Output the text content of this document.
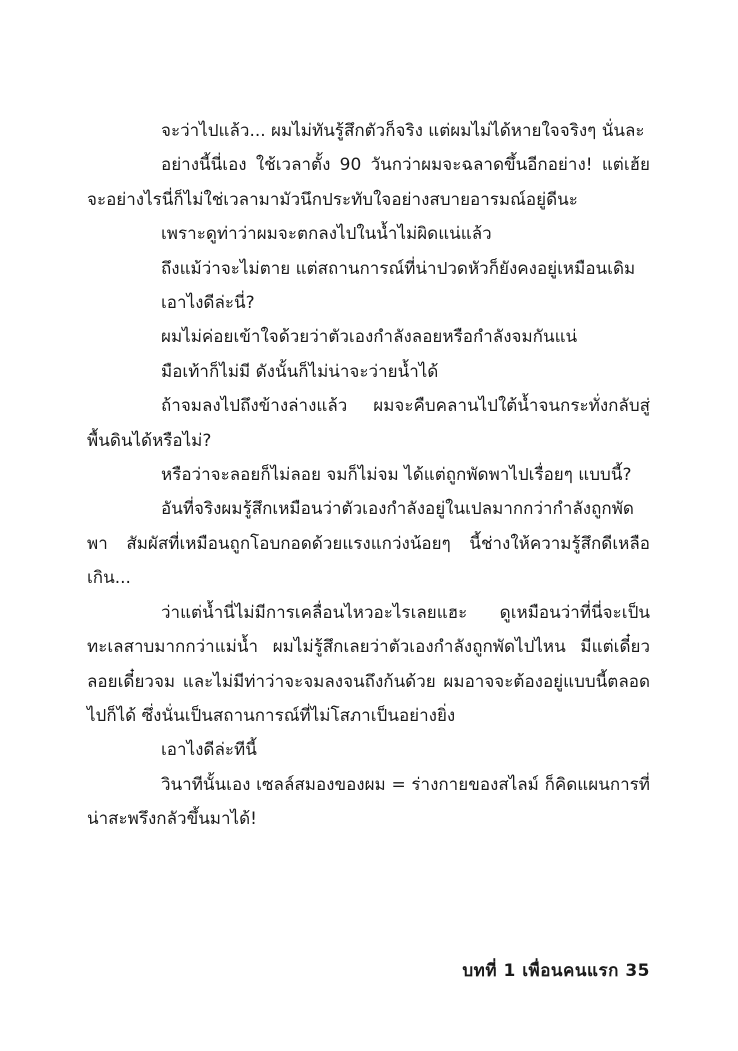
จะว่าไปแล้ว... ผมไม่ทันรู้สึกตัวก็จริง แต่ผมไม่ได้หายใจจริงๆ นั่นละ

อย่างนี้นี่เอง ใช้เวลาตั้ง 90 วันกว่าผมจะฉลาดขึ้นอีกอย่าง! แต่เฮ้ย จะอย่างไรนี่ก็ไม่ใช่เวลามามัวนึกประทับใจอย่างสบายอารมณ์อยู่ดีนะ

เพราะดูท่าว่าผมจะตกลงไปในน้ำไม่ผิดแน่แล้ว

ถึงแม้ว่าจะไม่ตาย แต่สถานการณ์ที่น่าปวดหัวก็ยังคงอยู่เหมือนเดิม

เอาไงดีล่ะนี่?

ผมไม่ค่อยเข้าใจด้วยว่าตัวเองกำลังลอยหรือกำลังจมกันแน่

มือเท้าก็ไม่มี ดังนั้นก็ไม่น่าจะว่ายน้ำได้

ถ้าจมลงไปถึงข้างล่างแล้ว ผมจะคืบคลานไปใต้น้ำจนกระทั่งกลับสู่พื้นดินได้หรือไม่?

หรือว่าจะลอยก็ไม่ลอย จมก็ไม่จม ได้แต่ถูกพัดพาไปเรื่อยๆ แบบนี้?

อันที่จริงผมรู้สึกเหมือนว่าตัวเองกำลังอยู่ในเปลมากกว่ากำลังถูกพัดพา สัมผัสที่เหมือนถูกโอบกอดด้วยแรงแกว่งน้อยๆ นี้ช่างให้ความรู้สึกดีเหลือเกิน...

ว่าแต่น้ำนี่ไม่มีการเคลื่อนไหวอะไรเลยแฮะ ดูเหมือนว่าที่นี่จะเป็นทะเลสาบมากกว่าแม่น้ำ ผมไม่รู้สึกเลยว่าตัวเองกำลังถูกพัดไปไหน มีแต่เดี๋ยวลอยเดี๋ยวจม และไม่มีท่าว่าจะจมลงจนถึงก้นด้วย ผมอาจจะต้องอยู่แบบนี้ตลอดไปก็ได้ ซึ่งนั่นเป็นสถานการณ์ที่ไม่โสภาเป็นอย่างยิ่ง

เอาไงดีล่ะทีนี้

วินาทีนั้นเอง เซลล์สมองของผม = ร่างกายของสไลม์ ก็คิดแผนการที่น่าสะพรึงกลัวขึ้นมาได้!

บทที่ 1 เพื่อนคนแรก 35
